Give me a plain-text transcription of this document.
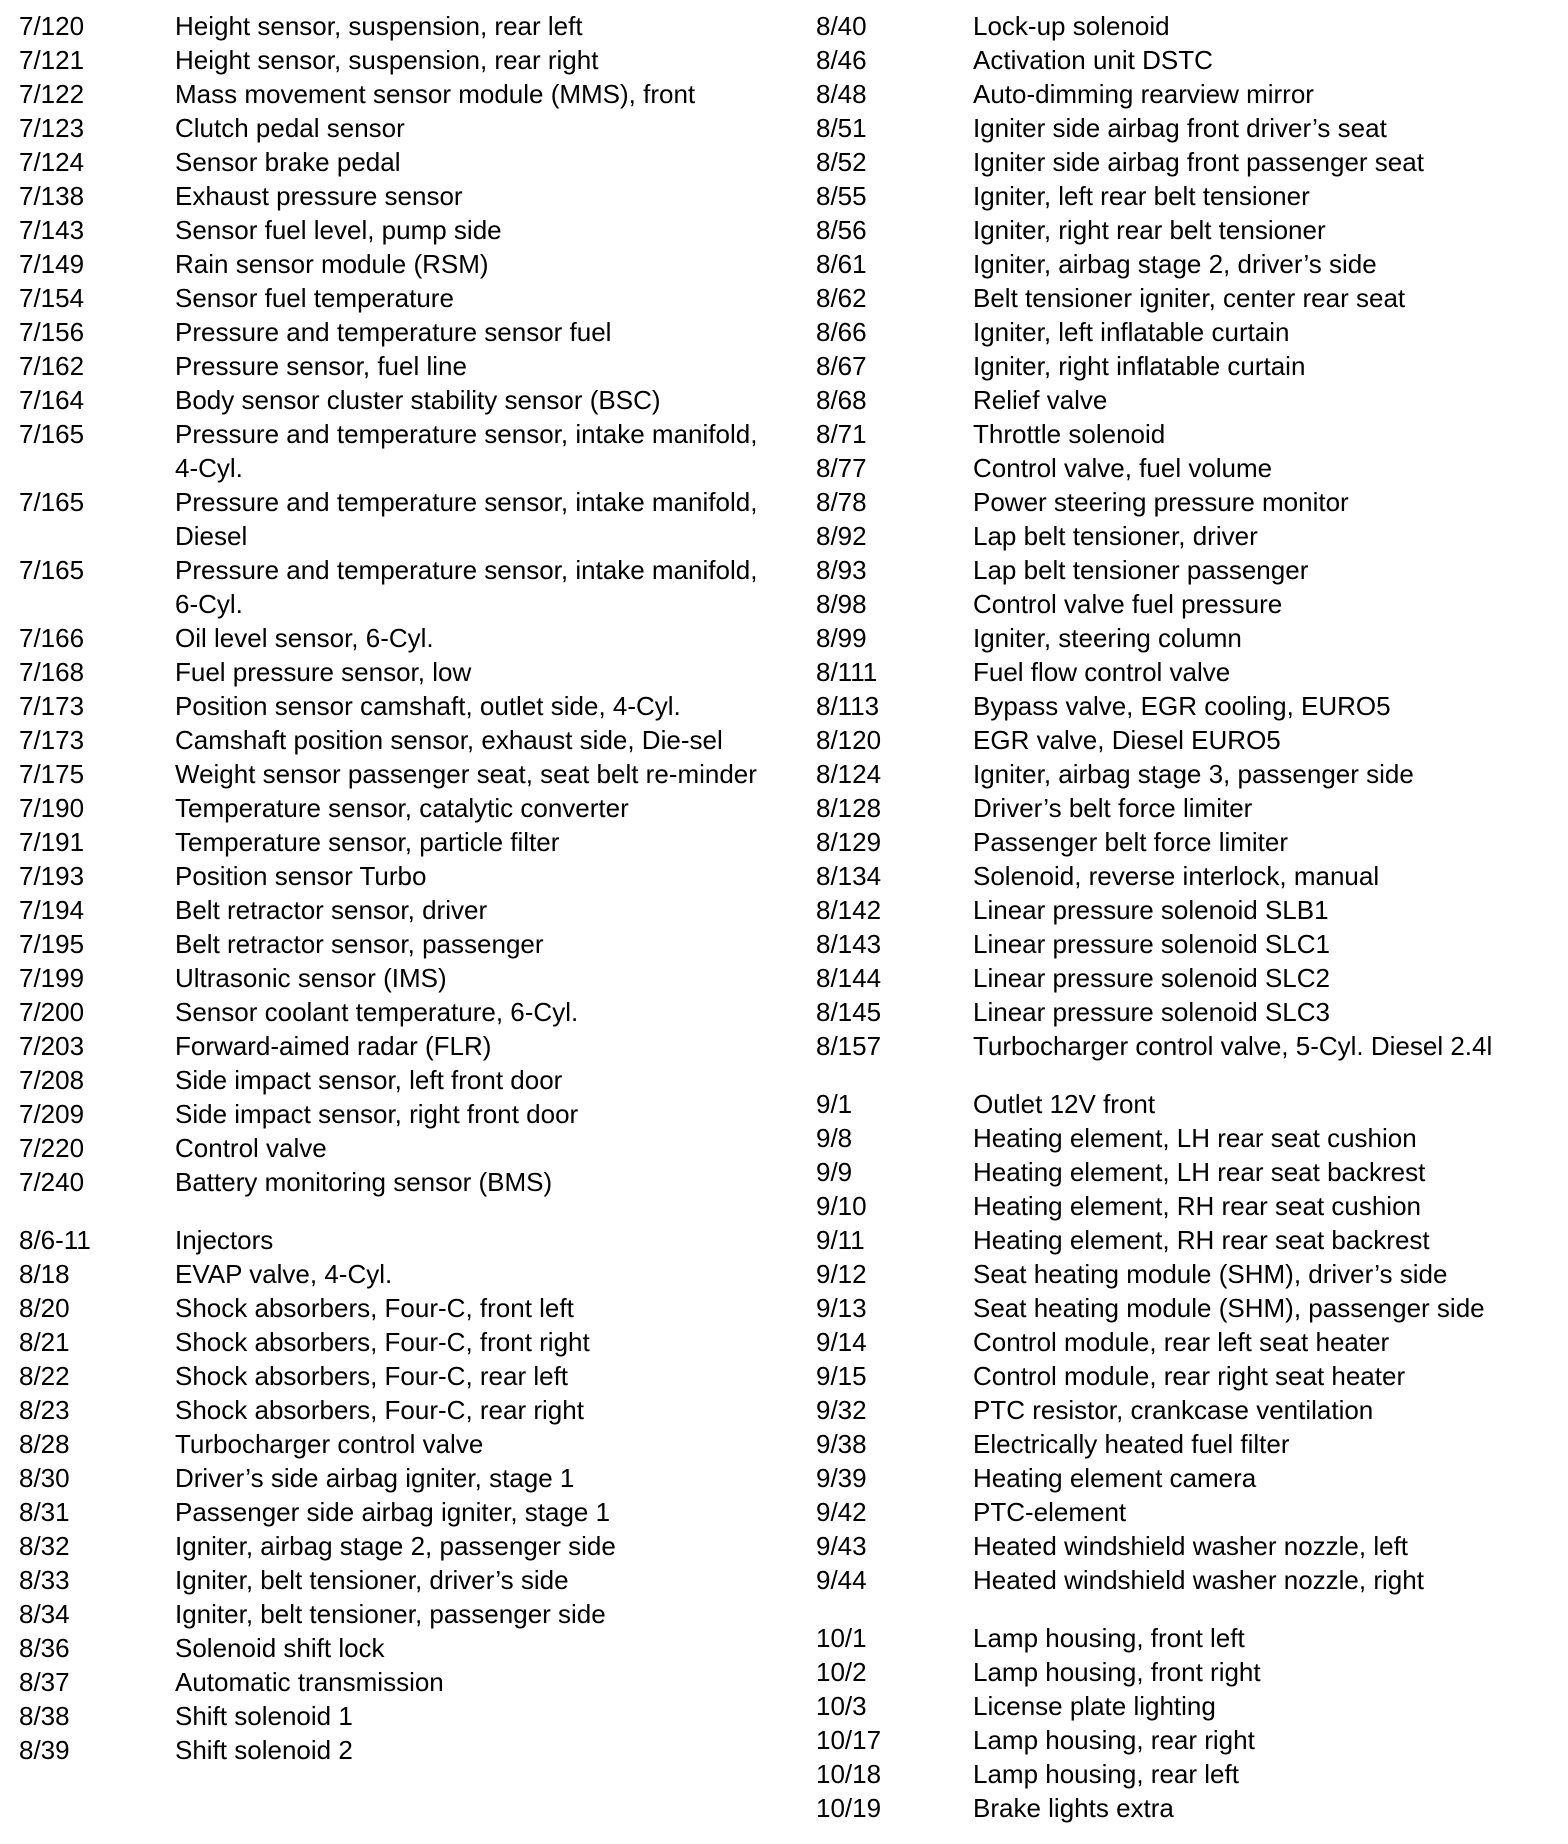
7/120	Height sensor, suspension, rear left
7/121	Height sensor, suspension, rear right
7/122	Mass movement sensor module (MMS), front
7/123	Clutch pedal sensor
7/124	Sensor brake pedal
7/138	Exhaust pressure sensor
7/143	Sensor fuel level, pump side
7/149	Rain sensor module (RSM)
7/154	Sensor fuel temperature
7/156	Pressure and temperature sensor fuel
7/162	Pressure sensor, fuel line
7/164	Body sensor cluster stability sensor (BSC)
7/165	Pressure and temperature sensor, intake manifold, 4-Cyl.
7/165	Pressure and temperature sensor, intake manifold, Diesel
7/165	Pressure and temperature sensor, intake manifold, 6-Cyl.
7/166	Oil level sensor, 6-Cyl.
7/168	Fuel pressure sensor, low
7/173	Position sensor camshaft, outlet side, 4-Cyl.
7/173	Camshaft position sensor, exhaust side, Die-sel
7/175	Weight sensor passenger seat, seat belt re-minder
7/190	Temperature sensor, catalytic converter
7/191	Temperature sensor, particle filter
7/193	Position sensor Turbo
7/194	Belt retractor sensor, driver
7/195	Belt retractor sensor, passenger
7/199	Ultrasonic sensor (IMS)
7/200	Sensor coolant temperature, 6-Cyl.
7/203	Forward-aimed radar (FLR)
7/208	Side impact sensor, left front door
7/209	Side impact sensor, right front door
7/220	Control valve
7/240	Battery monitoring sensor (BMS)
8/6-11	Injectors
8/18	EVAP valve, 4-Cyl.
8/20	Shock absorbers, Four-C, front left
8/21	Shock absorbers, Four-C, front right
8/22	Shock absorbers, Four-C, rear left
8/23	Shock absorbers, Four-C, rear right
8/28	Turbocharger control valve
8/30	Driver’s side airbag igniter, stage 1
8/31	Passenger side airbag igniter, stage 1
8/32	Igniter, airbag stage 2, passenger side
8/33	Igniter, belt tensioner, driver’s side
8/34	Igniter, belt tensioner, passenger side
8/36	Solenoid shift lock
8/37	Automatic transmission
8/38	Shift solenoid 1
8/39	Shift solenoid 2
8/40	Lock-up solenoid
8/46	Activation unit DSTC
8/48	Auto-dimming rearview mirror
8/51	Igniter side airbag front driver’s seat
8/52	Igniter side airbag front passenger seat
8/55	Igniter, left rear belt tensioner
8/56	Igniter, right rear belt tensioner
8/61	Igniter, airbag stage 2, driver’s side
8/62	Belt tensioner igniter, center rear seat
8/66	Igniter, left inflatable curtain
8/67	Igniter, right inflatable curtain
8/68	Relief valve
8/71	Throttle solenoid
8/77	Control valve, fuel volume
8/78	Power steering pressure monitor
8/92	Lap belt tensioner, driver
8/93	Lap belt tensioner passenger
8/98	Control valve fuel pressure
8/99	Igniter, steering column
8/111	Fuel flow control valve
8/113	Bypass valve, EGR cooling, EURO5
8/120	EGR valve, Diesel EURO5
8/124	Igniter, airbag stage 3, passenger side
8/128	Driver’s belt force limiter
8/129	Passenger belt force limiter
8/134	Solenoid, reverse interlock, manual
8/142	Linear pressure solenoid SLB1
8/143	Linear pressure solenoid SLC1
8/144	Linear pressure solenoid SLC2
8/145	Linear pressure solenoid SLC3
8/157	Turbocharger control valve, 5-Cyl. Diesel 2.4l
9/1	Outlet 12V front
9/8	Heating element, LH rear seat cushion
9/9	Heating element, LH rear seat backrest
9/10	Heating element, RH rear seat cushion
9/11	Heating element, RH rear seat backrest
9/12	Seat heating module (SHM), driver’s side
9/13	Seat heating module (SHM), passenger side
9/14	Control module, rear left seat heater
9/15	Control module, rear right seat heater
9/32	PTC resistor, crankcase ventilation
9/38	Electrically heated fuel filter
9/39	Heating element camera
9/42	PTC-element
9/43	Heated windshield washer nozzle, left
9/44	Heated windshield washer nozzle, right
10/1	Lamp housing, front left
10/2	Lamp housing, front right
10/3	License plate lighting
10/17	Lamp housing, rear right
10/18	Lamp housing, rear left
10/19	Brake lights extra
